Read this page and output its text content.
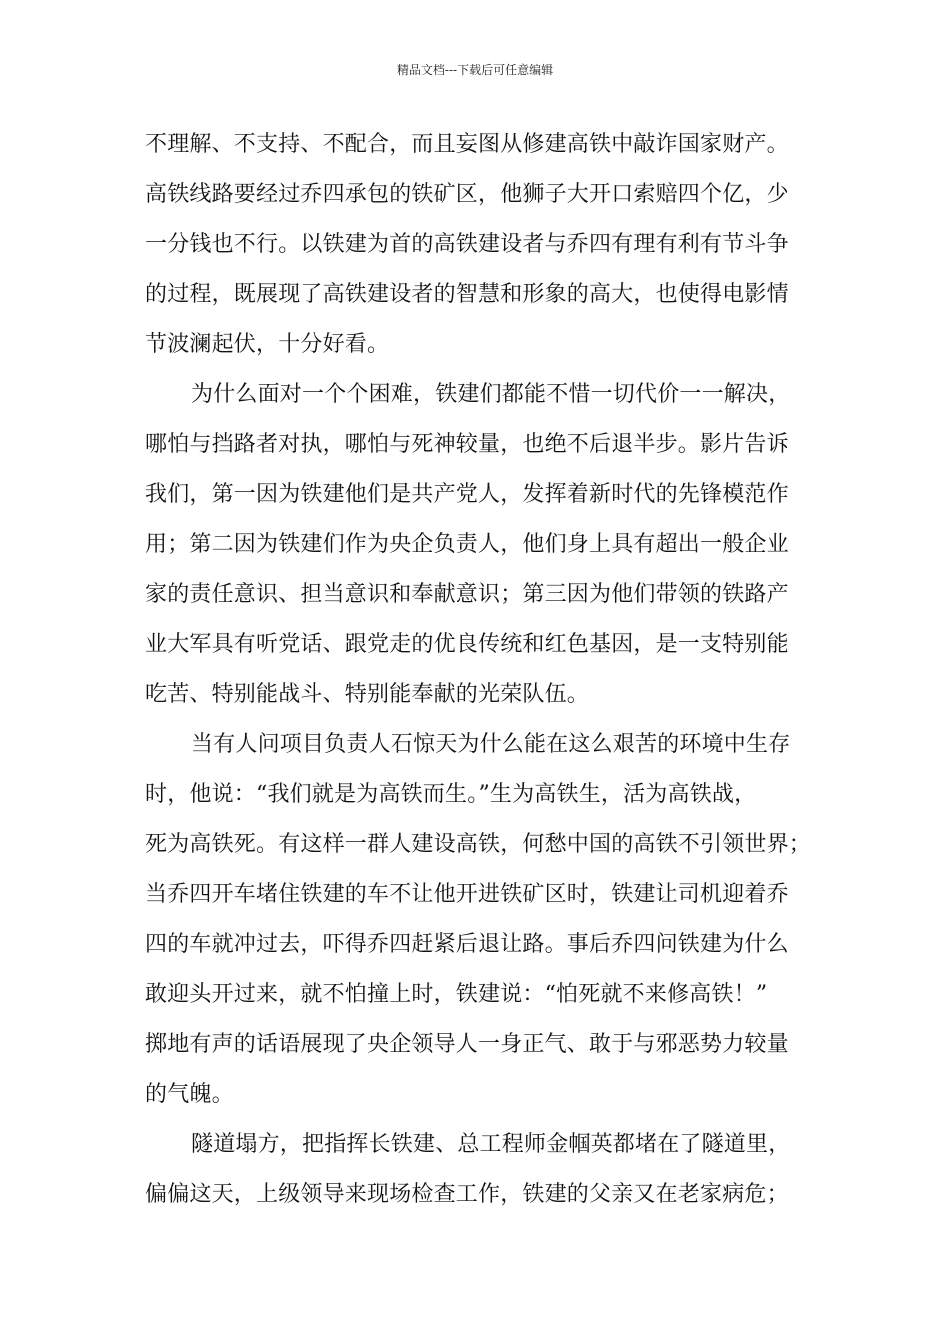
精品文档---下载后可任意编辑
不理解、不支持、不配合，而且妄图从修建高铁中敲诈国家财产。
高铁线路要经过乔四承包的铁矿区，他狮子大开口索赔四个亿，少
一分钱也不行。以铁建为首的高铁建设者与乔四有理有利有节斗争
的过程，既展现了高铁建设者的智慧和形象的高大，也使得电影情
节波澜起伏，十分好看。
为什么面对一个个困难，铁建们都能不惜一切代价一一解决，
哪怕与挡路者对执，哪怕与死神较量，也绝不后退半步。影片告诉
我们，第一因为铁建他们是共产党人，发挥着新时代的先锋模范作
用；第二因为铁建们作为央企负责人，他们身上具有超出一般企业
家的责任意识、担当意识和奉献意识；第三因为他们带领的铁路产
业大军具有听党话、跟党走的优良传统和红色基因，是一支特别能
吃苦、特别能战斗、特别能奉献的光荣队伍。
当有人问项目负责人石惊天为什么能在这么艰苦的环境中生存
时，他说：“我们就是为高铁而生。”生为高铁生，活为高铁战，
死为高铁死。有这样一群人建设高铁，何愁中国的高铁不引领世界；
当乔四开车堵住铁建的车不让他开进铁矿区时，铁建让司机迎着乔
四的车就冲过去，吓得乔四赶紧后退让路。事后乔四问铁建为什么
敢迎头开过来，就不怕撞上时，铁建说：“怕死就不来修高铁！”
掷地有声的话语展现了央企领导人一身正气、敢于与邪恶势力较量
的气魄。
隧道塌方，把指挥长铁建、总工程师金帼英都堵在了隧道里，
偏偏这天，上级领导来现场检查工作，铁建的父亲又在老家病危；
